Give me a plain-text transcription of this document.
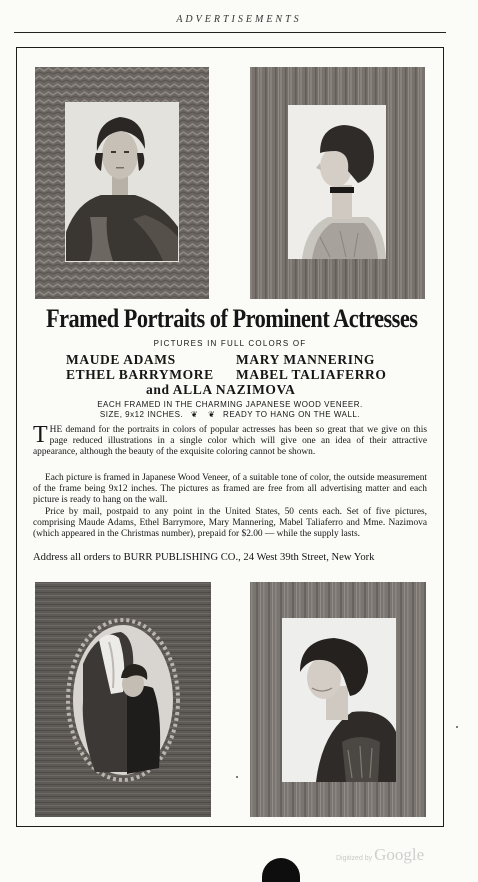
ADVERTISEMENTS
Framed Portraits of Prominent Actresses
PICTURES IN FULL COLORS OF
MAUDE ADAMS	MARY MANNERING
ETHEL BARRYMORE MABEL TALIAFERRO
and ALLA NAZIMOVA
EACH FRAMED IN THE CHARMING JAPANESE WOOD VENEER.
SIZE, 9x12 INCHES. ❦ ❦ READY TO HANG ON THE WALL.
THE demand for the portraits in colors of popular actresses has been so great that we give on this page reduced illustrations in a single color which will give one an idea of their attractive appearance, although the beauty of the exquisite coloring cannot be shown.
Each picture is framed in Japanese Wood Veneer, of a suitable tone of color, the outside measurement of the frame being 9x12 inches. The pictures as framed are free from all advertising matter and each picture is ready to hang on the wall.
Price by mail, postpaid to any point in the United States, 50 cents each. Set of five pictures, comprising Maude Adams, Ethel Barrymore, Mary Mannering, Mabel Taliaferro and Mme. Nazimova (which appeared in the Christmas number), prepaid for $2.00 — while the supply lasts.
Address all orders to BURR PUBLISHING CO., 24 West 39th Street, New York
Digitized by Google
